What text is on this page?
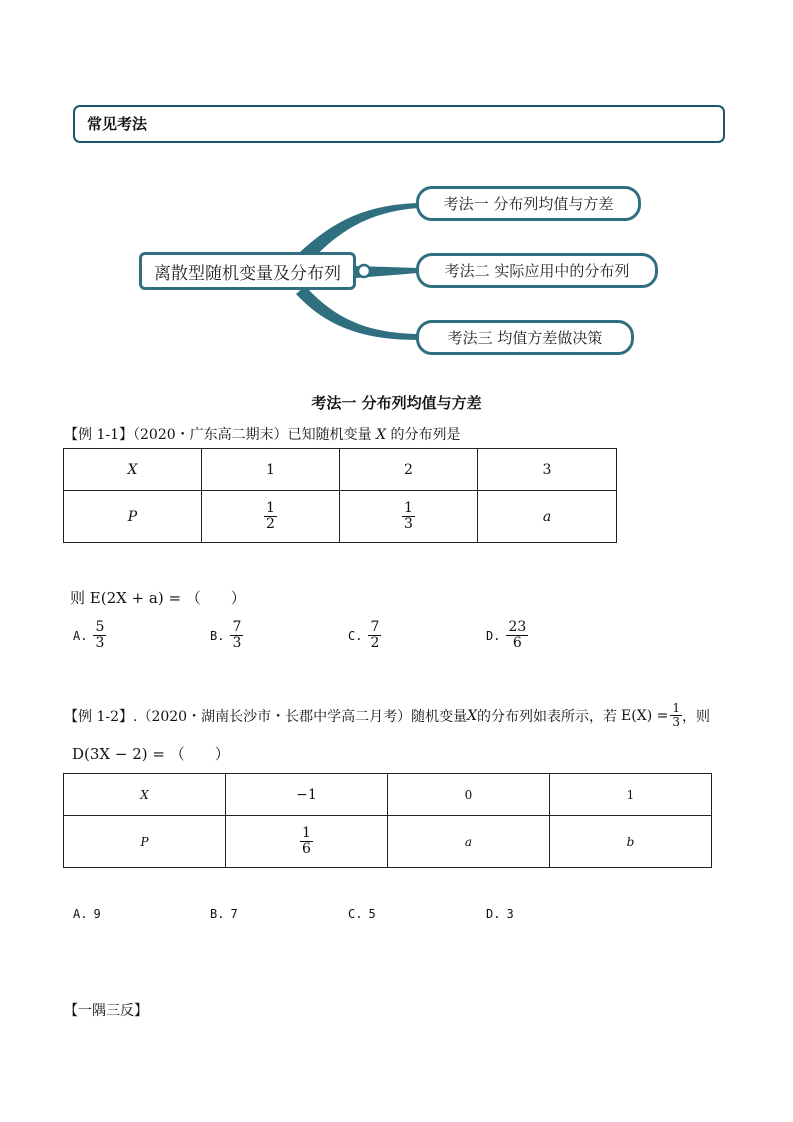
常见考法
离散型随机变量及分布列
考法一 分布列均值与方差
考法二 实际应用中的分布列
考法三 均值方差做决策
考法一 分布列均值与方差
【例 1-1】（2020・广东高二期末）已知随机变量 X 的分布列是
X	1	2	3
P	$\frac{1}{2}$	$\frac{1}{3}$	a
则 E(2X + a) = （　　）
A. $\frac{5}{3}$	B. $\frac{7}{3}$	C. $\frac{7}{2}$	D. $\frac{23}{6}$
【例 1-2】 .（2020・湖南长沙市・长郡中学高二月考）随机变量 X 的分布列如表所示，若 $E(X) = \frac{1}{3}$ ，则
D(3X − 2) = （　　）
X	−1	0	1
P	$\frac{1}{6}$	a	b
A. 9	B. 7	C. 5	D. 3
【一隅三反】
